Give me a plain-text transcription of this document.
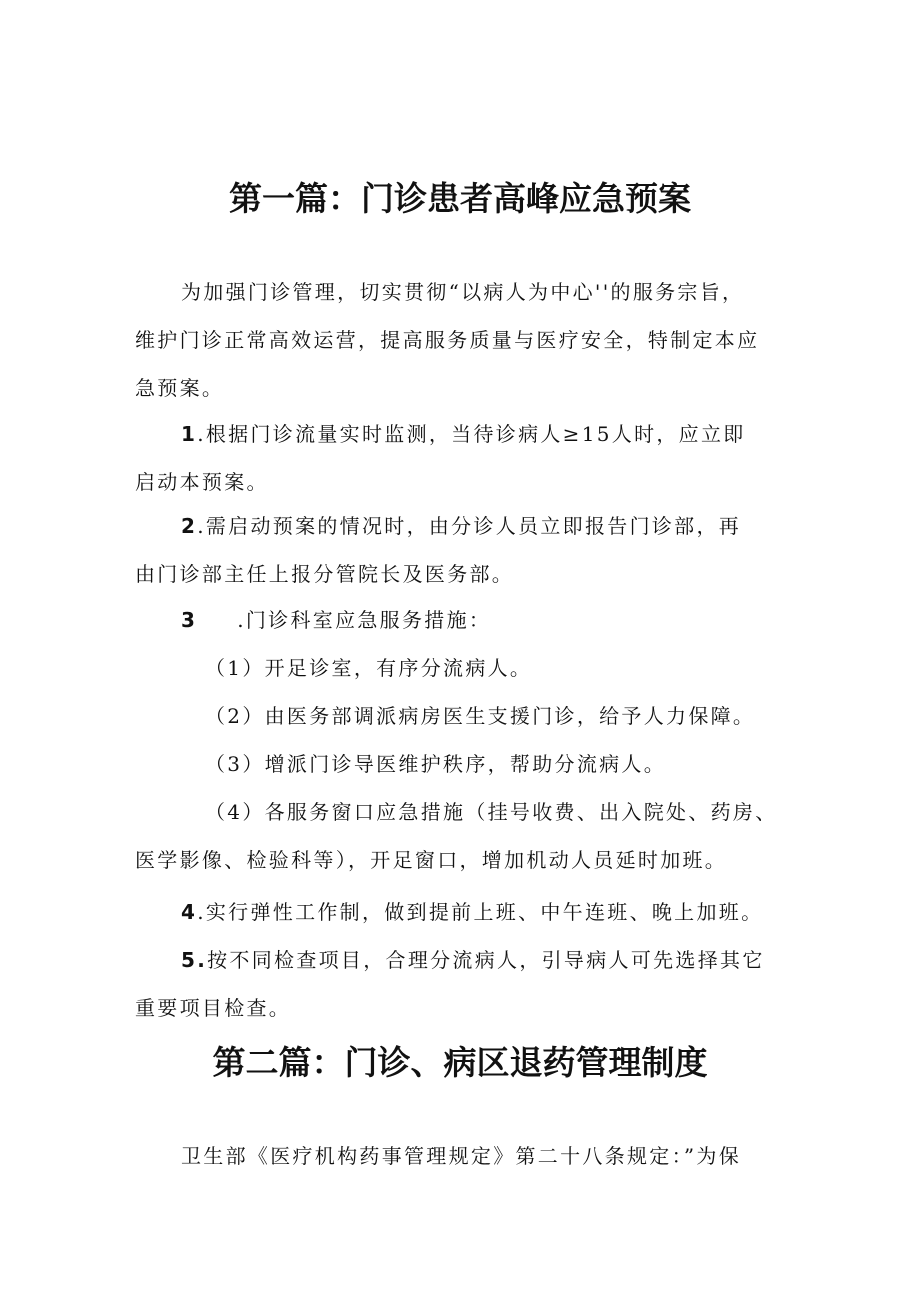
第一篇：门诊患者高峰应急预案
为加强门诊管理，切实贯彻“以病人为中心''的服务宗旨，
维护门诊正常高效运营，提高服务质量与医疗安全，特制定本应
急预案。
1.根据门诊流量实时监测，当待诊病人≥15人时，应立即
启动本预案。
2.需启动预案的情况时，由分诊人员立即报告门诊部，再
由门诊部主任上报分管院长及医务部。
3 .门诊科室应急服务措施：
（1）开足诊室，有序分流病人。
（2）由医务部调派病房医生支援门诊，给予人力保障。
（3）增派门诊导医维护秩序，帮助分流病人。
（4）各服务窗口应急措施（挂号收费、出入院处、药房、
医学影像、检验科等），开足窗口，增加机动人员延时加班。
4.实行弹性工作制，做到提前上班、中午连班、晚上加班。
5.按不同检查项目，合理分流病人，引导病人可先选择其它
重要项目检查。
第二篇：门诊、病区退药管理制度
卫生部《医疗机构药事管理规定》第二十八条规定：”为保
